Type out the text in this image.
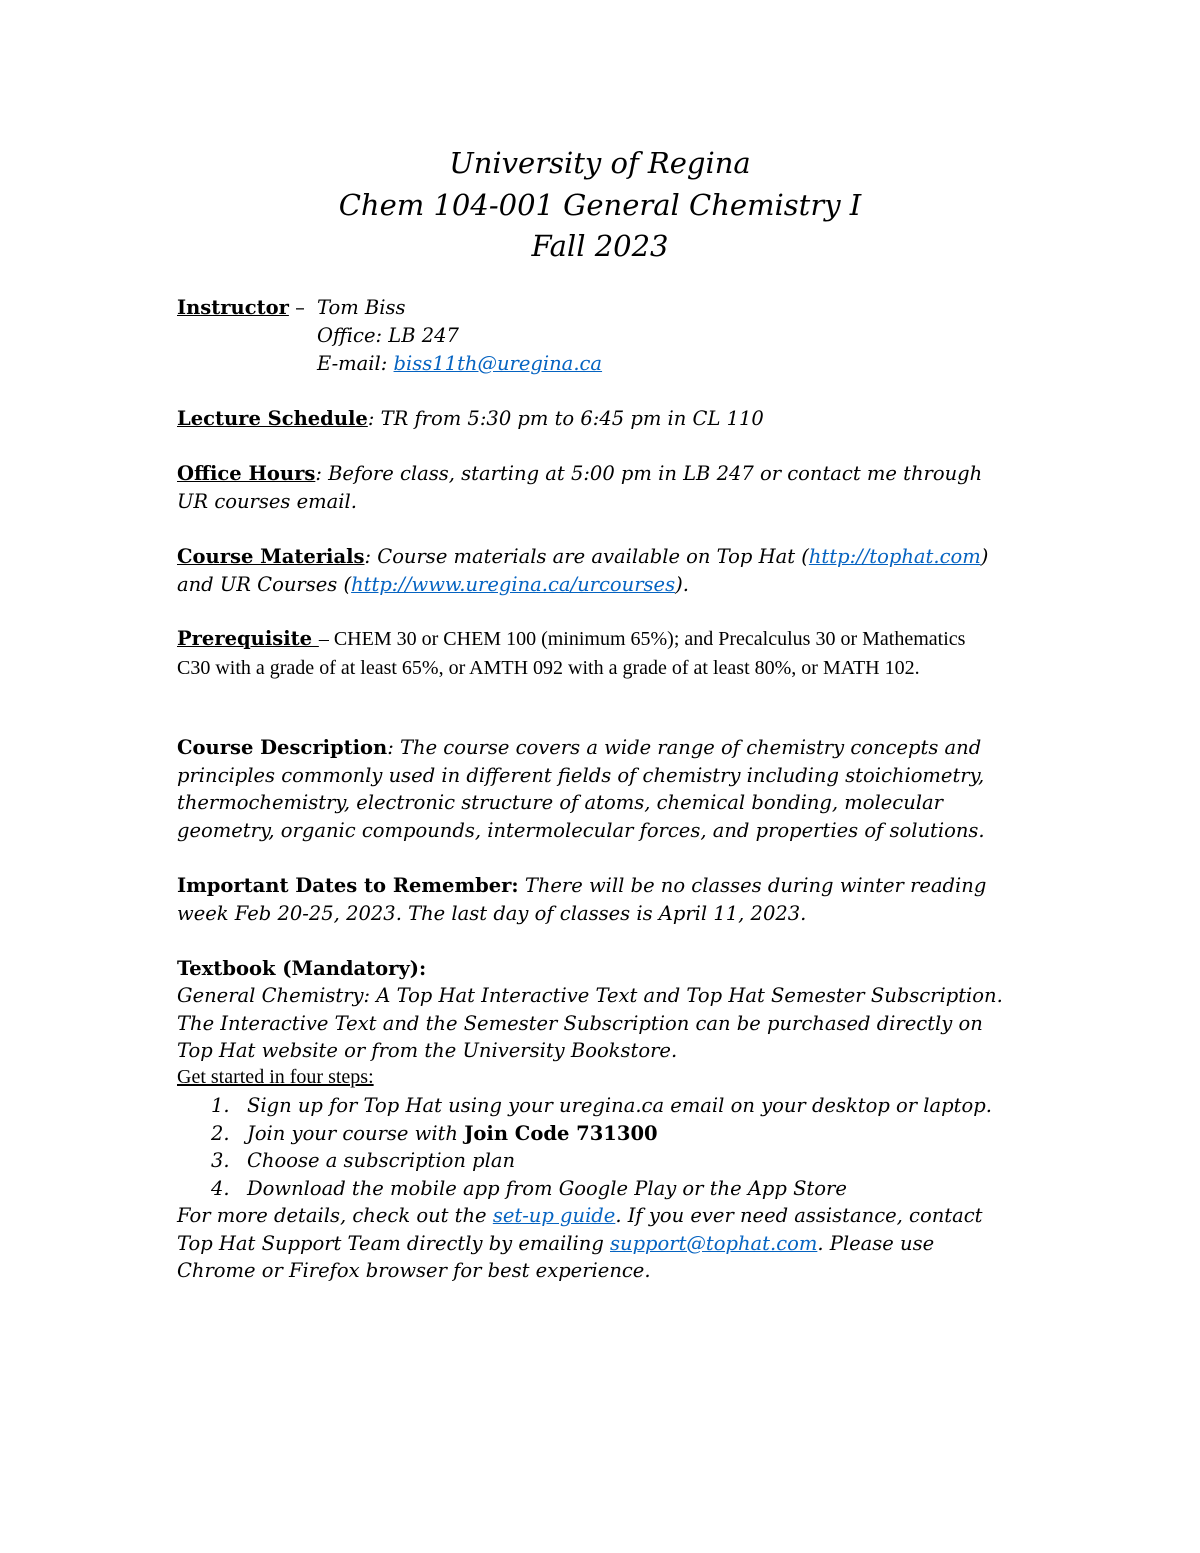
University of Regina
Chem 104-001 General Chemistry I
Fall 2023
Instructor – Tom Biss
Office: LB 247
E-mail: biss11th@uregina.ca
Lecture Schedule: TR from 5:30 pm to 6:45 pm in CL 110
Office Hours: Before class, starting at 5:00 pm in LB 247 or contact me through UR courses email.
Course Materials: Course materials are available on Top Hat (http://tophat.com) and UR Courses (http://www.uregina.ca/urcourses).
Prerequisite – CHEM 30 or CHEM 100 (minimum 65%); and Precalculus 30 or Mathematics C30 with a grade of at least 65%, or AMTH 092 with a grade of at least 80%, or MATH 102.
Course Description: The course covers a wide range of chemistry concepts and principles commonly used in different fields of chemistry including stoichiometry, thermochemistry, electronic structure of atoms, chemical bonding, molecular geometry, organic compounds, intermolecular forces, and properties of solutions.
Important Dates to Remember: There will be no classes during winter reading week Feb 20-25, 2023. The last day of classes is April 11, 2023.
Textbook (Mandatory):
General Chemistry: A Top Hat Interactive Text and Top Hat Semester Subscription. The Interactive Text and the Semester Subscription can be purchased directly on Top Hat website or from the University Bookstore.
Get started in four steps:
1. Sign up for Top Hat using your uregina.ca email on your desktop or laptop.
2. Join your course with Join Code 731300
3. Choose a subscription plan
4. Download the mobile app from Google Play or the App Store
For more details, check out the set-up guide. If you ever need assistance, contact Top Hat Support Team directly by emailing support@tophat.com. Please use Chrome or Firefox browser for best experience.
